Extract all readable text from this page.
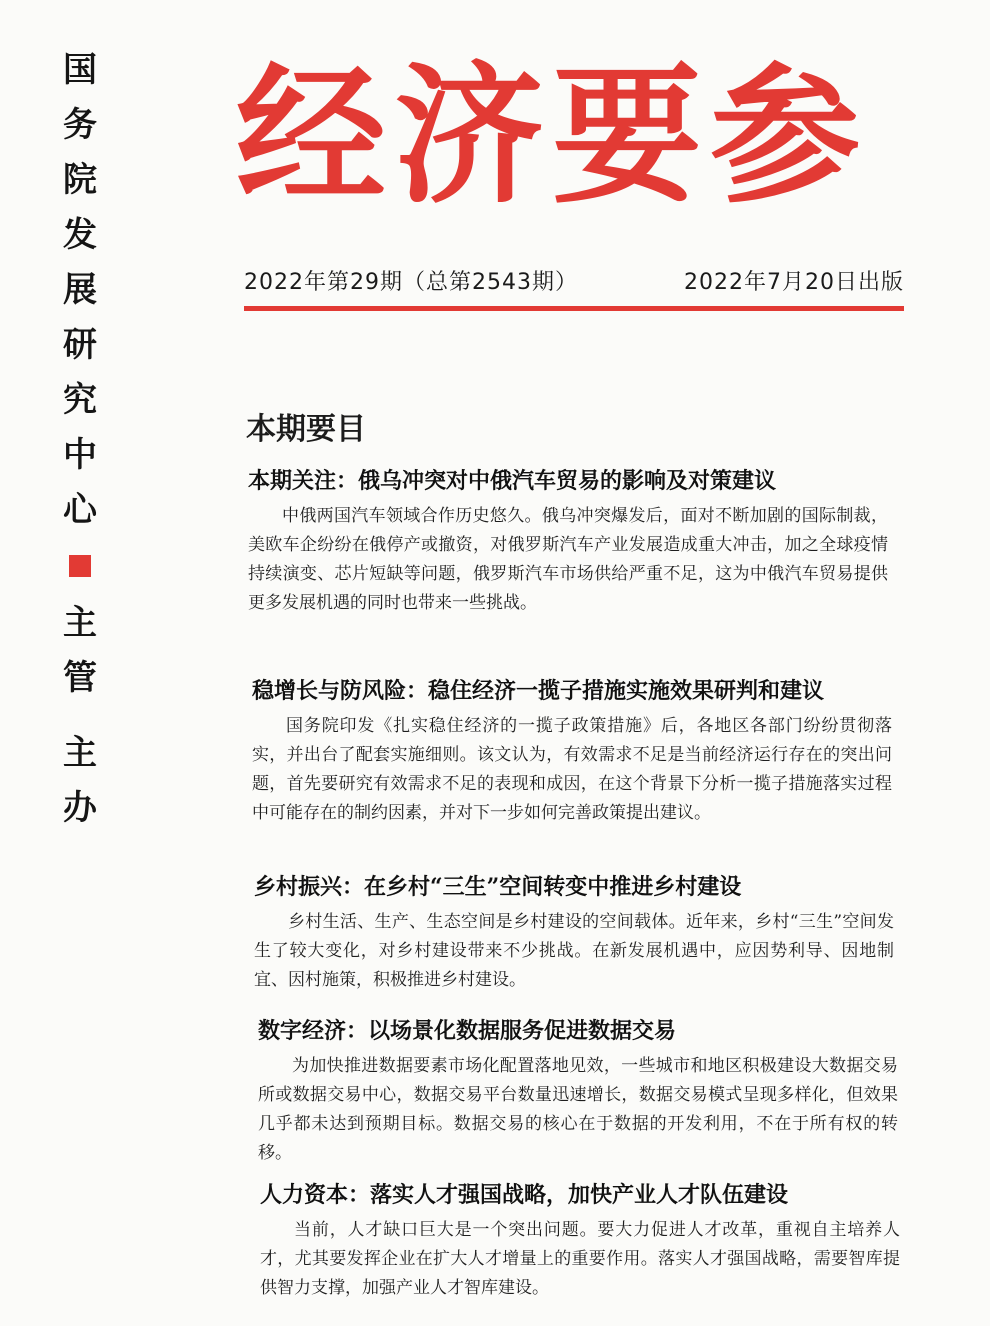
国
务
院
发
展
研
究
中
心
主
管
主
办
经济要参
2022年第29期（总第2543期）	2022年7月20日出版
本期要目
本期关注：俄乌冲突对中俄汽车贸易的影响及对策建议

中俄两国汽车领域合作历史悠久。俄乌冲突爆发后，面对不断加剧的国际制裁，美欧车企纷纷在俄停产或撤资，对俄罗斯汽车产业发展造成重大冲击，加之全球疫情持续演变、芯片短缺等问题，俄罗斯汽车市场供给严重不足，这为中俄汽车贸易提供更多发展机遇的同时也带来一些挑战。

稳增长与防风险：稳住经济一揽子措施实施效果研判和建议

国务院印发《扎实稳住经济的一揽子政策措施》后，各地区各部门纷纷贯彻落实，并出台了配套实施细则。该文认为，有效需求不足是当前经济运行存在的突出问题，首先要研究有效需求不足的表现和成因，在这个背景下分析一揽子措施落实过程中可能存在的制约因素，并对下一步如何完善政策提出建议。

乡村振兴：在乡村“三生”空间转变中推进乡村建设

乡村生活、生产、生态空间是乡村建设的空间载体。近年来，乡村“三生”空间发生了较大变化，对乡村建设带来不少挑战。在新发展机遇中，应因势利导、因地制宜、因村施策，积极推进乡村建设。

数字经济：以场景化数据服务促进数据交易

为加快推进数据要素市场化配置落地见效，一些城市和地区积极建设大数据交易所或数据交易中心，数据交易平台数量迅速增长，数据交易模式呈现多样化，但效果几乎都未达到预期目标。数据交易的核心在于数据的开发利用，不在于所有权的转移。

人力资本：落实人才强国战略，加快产业人才队伍建设

当前，人才缺口巨大是一个突出问题。要大力促进人才改革，重视自主培养人才，尤其要发挥企业在扩大人才增量上的重要作用。落实人才强国战略，需要智库提供智力支撑，加强产业人才智库建设。
